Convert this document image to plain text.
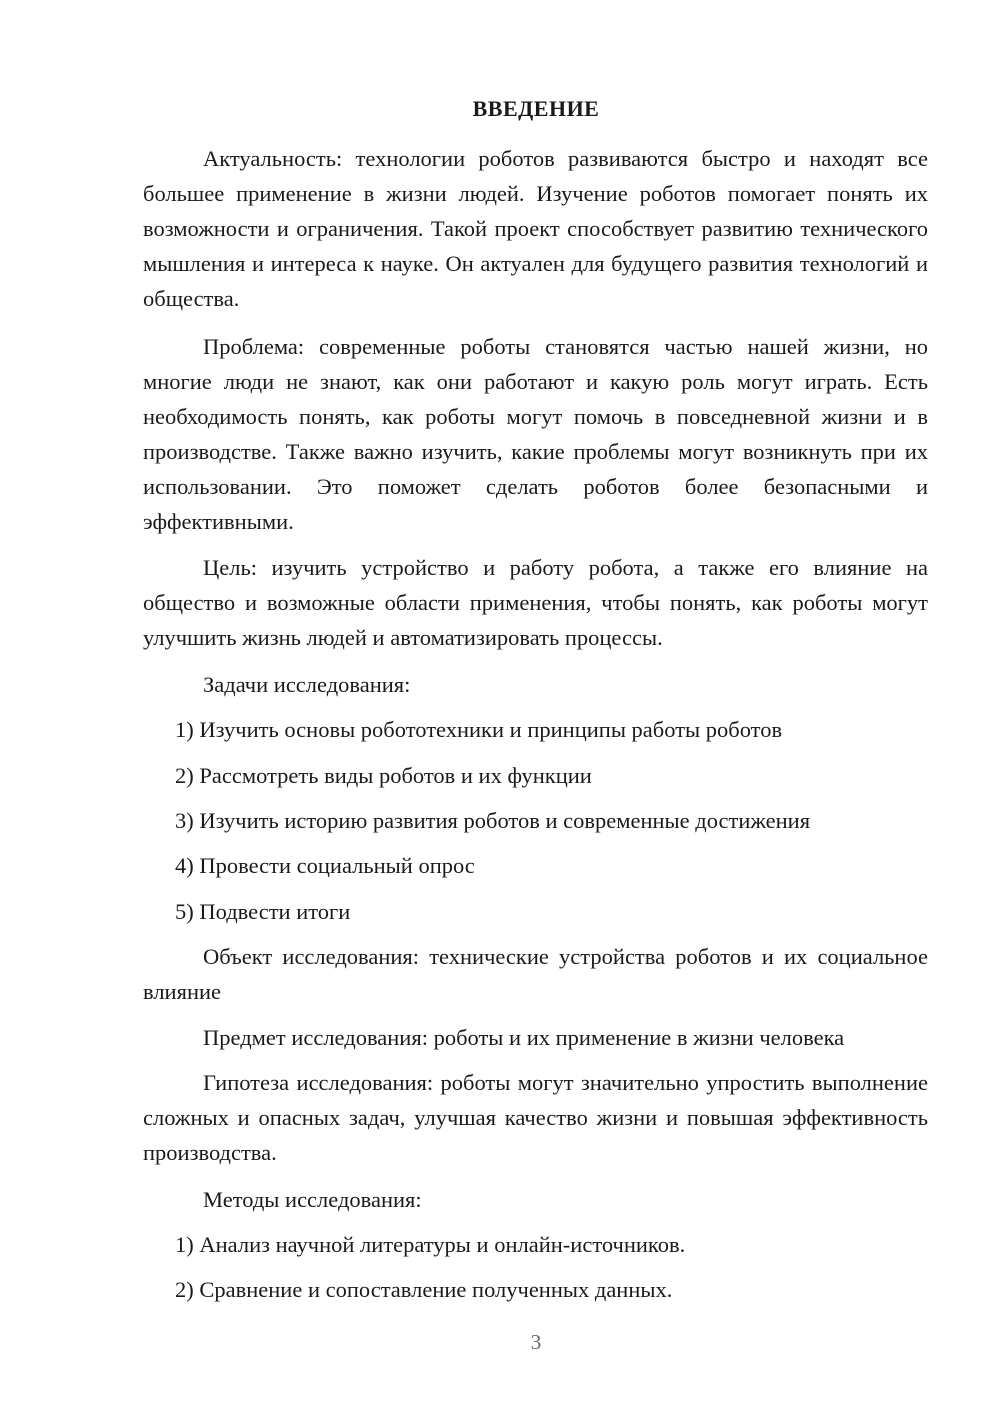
ВВЕДЕНИЕ

Актуальность: технологии роботов развиваются быстро и находят все большее применение в жизни людей. Изучение роботов помогает понять их возможности и ограничения. Такой проект способствует развитию технического мышления и интереса к науке. Он актуален для будущего развития технологий и общества.

Проблема: современные роботы становятся частью нашей жизни, но многие люди не знают, как они работают и какую роль могут играть. Есть необходимость понять, как роботы могут помочь в повседневной жизни и в производстве. Также важно изучить, какие проблемы могут возникнуть при их использовании. Это поможет сделать роботов более безопасными и эффективными.

Цель: изучить устройство и работу робота, а также его влияние на общество и возможные области применения, чтобы понять, как роботы могут улучшить жизнь людей и автоматизировать процессы.

Задачи исследования:
1) Изучить основы робототехники и принципы работы роботов
2) Рассмотреть виды роботов и их функции
3) Изучить историю развития роботов и современные достижения
4) Провести социальный опрос
5) Подвести итоги

Объект исследования: технические устройства роботов и их социальное влияние

Предмет исследования: роботы и их применение в жизни человека

Гипотеза исследования: роботы могут значительно упростить выполнение сложных и опасных задач, улучшая качество жизни и повышая эффективность производства.

Методы исследования:
1) Анализ научной литературы и онлайн-источников.
2) Сравнение и сопоставление полученных данных.
3
